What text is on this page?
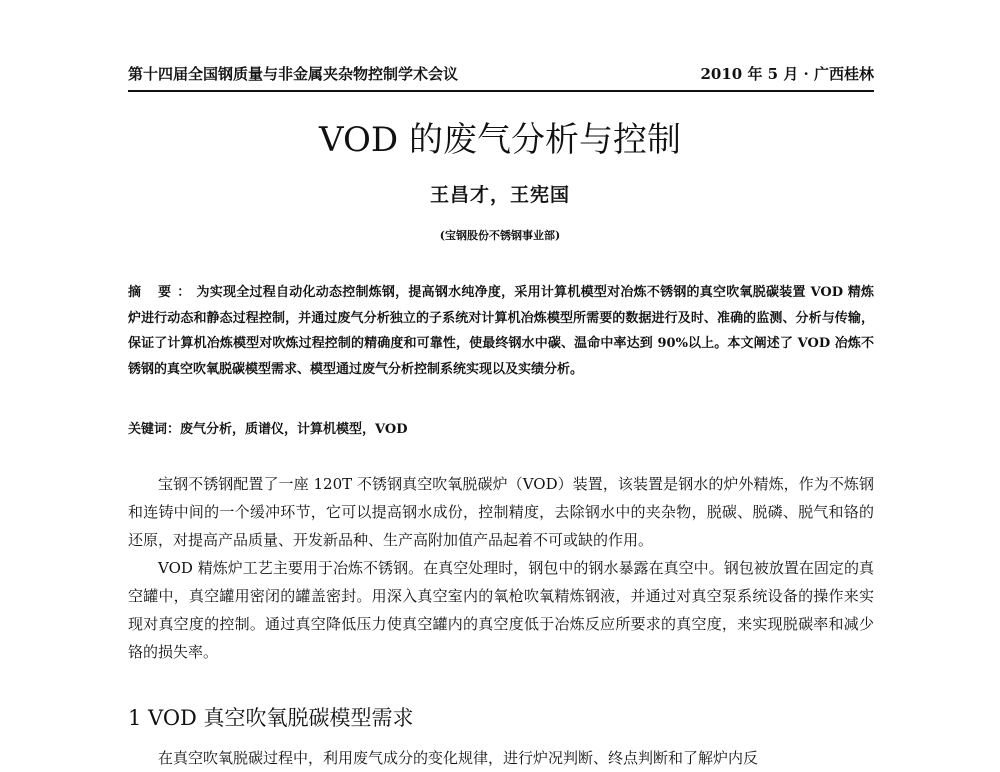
第十四届全国钢质量与非金属夹杂物控制学术会议	2010 年 5 月 · 广西桂林
VOD 的废气分析与控制
王昌才，王宪国
(宝钢股份不锈钢事业部)
摘 要：为实现全过程自动化动态控制炼钢，提高钢水纯净度，采用计算机模型对冶炼不锈钢的真空吹氧脱碳装置 VOD 精炼炉进行动态和静态过程控制，并通过废气分析独立的子系统对计算机冶炼模型所需要的数据进行及时、准确的监测、分析与传输，保证了计算机冶炼模型对吹炼过程控制的精确度和可靠性，使最终钢水中碳、温命中率达到 90%以上。本文阐述了 VOD 冶炼不锈钢的真空吹氧脱碳模型需求、模型通过废气分析控制系统实现以及实绩分析。
关键词：废气分析，质谱仪，计算机模型，VOD

宝钢不锈钢配置了一座 120T 不锈钢真空吹氧脱碳炉（VOD）装置，该装置是钢水的炉外精炼，作为不炼钢和连铸中间的一个缓冲环节，它可以提高钢水成份，控制精度，去除钢水中的夹杂物，脱碳、脱磷、脱气和铬的还原，对提高产品质量、开发新品种、生产高附加值产品起着不可或缺的作用。

VOD 精炼炉工艺主要用于冶炼不锈钢。在真空处理时，钢包中的钢水暴露在真空中。钢包被放置在固定的真空罐中，真空罐用密闭的罐盖密封。用深入真空室内的氧枪吹氧精炼钢液，并通过对真空泵系统设备的操作来实现对真空度的控制。通过真空降低压力使真空罐内的真空度低于冶炼反应所要求的真空度，来实现脱碳率和减少铬的损失率。

1 VOD 真空吹氧脱碳模型需求
在真空吹氧脱碳过程中，利用废气成分的变化规律，进行炉况判断、终点判断和了解炉内反
